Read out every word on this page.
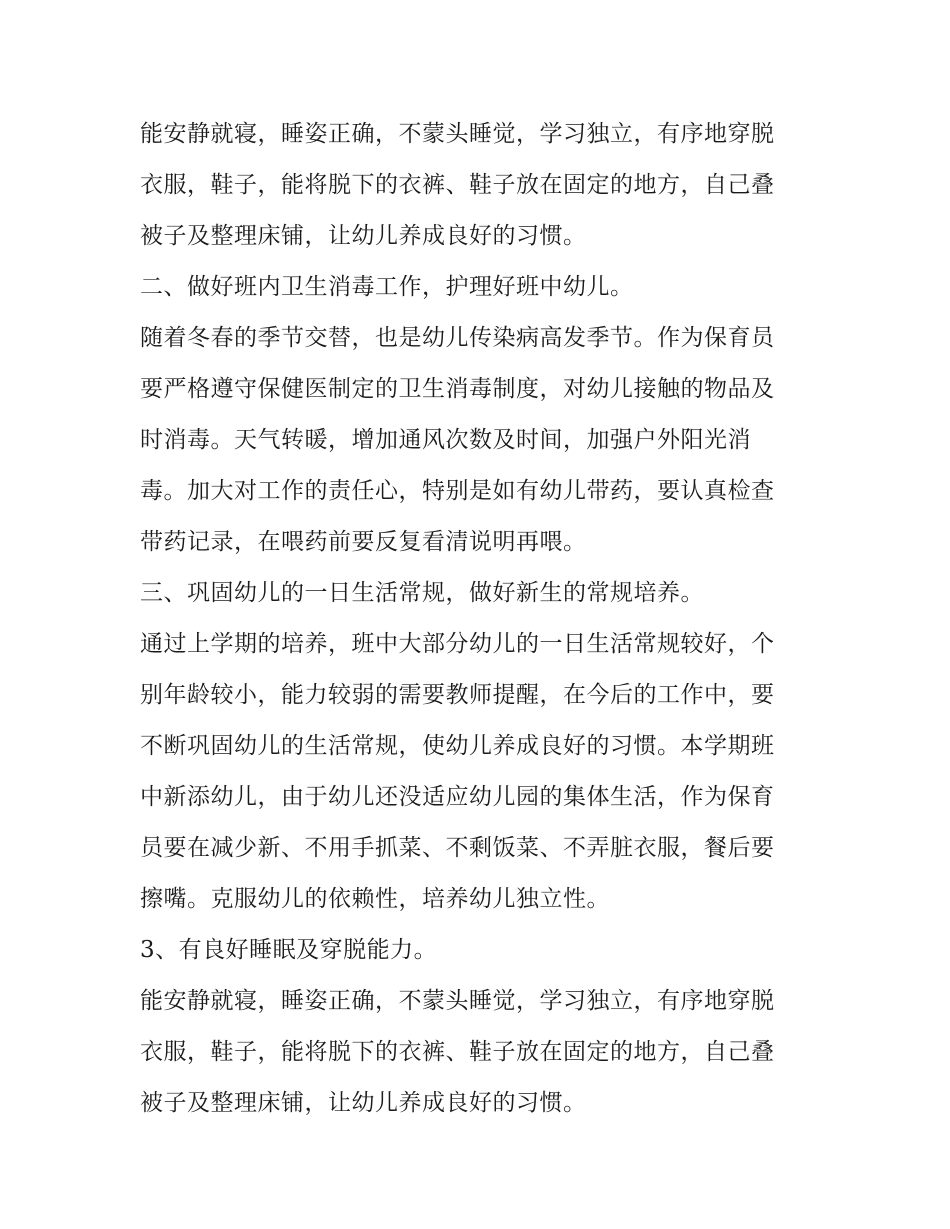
能安静就寝，睡姿正确，不蒙头睡觉，学习独立，有序地穿脱
衣服，鞋子，能将脱下的衣裤、鞋子放在固定的地方，自己叠
被子及整理床铺，让幼儿养成良好的习惯。
二、做好班内卫生消毒工作，护理好班中幼儿。
随着冬春的季节交替，也是幼儿传染病高发季节。作为保育员
要严格遵守保健医制定的卫生消毒制度，对幼儿接触的物品及
时消毒。天气转暖，增加通风次数及时间，加强户外阳光消
毒。加大对工作的责任心，特别是如有幼儿带药，要认真检查
带药记录，在喂药前要反复看清说明再喂。
三、巩固幼儿的一日生活常规，做好新生的常规培养。
通过上学期的培养，班中大部分幼儿的一日生活常规较好，个
别年龄较小，能力较弱的需要教师提醒，在今后的工作中，要
不断巩固幼儿的生活常规，使幼儿养成良好的习惯。本学期班
中新添幼儿，由于幼儿还没适应幼儿园的集体生活，作为保育
员要在减少新、不用手抓菜、不剩饭菜、不弄脏衣服，餐后要
擦嘴。克服幼儿的依赖性，培养幼儿独立性。
3、有良好睡眠及穿脱能力。
能安静就寝，睡姿正确，不蒙头睡觉，学习独立，有序地穿脱
衣服，鞋子，能将脱下的衣裤、鞋子放在固定的地方，自己叠
被子及整理床铺，让幼儿养成良好的习惯。
